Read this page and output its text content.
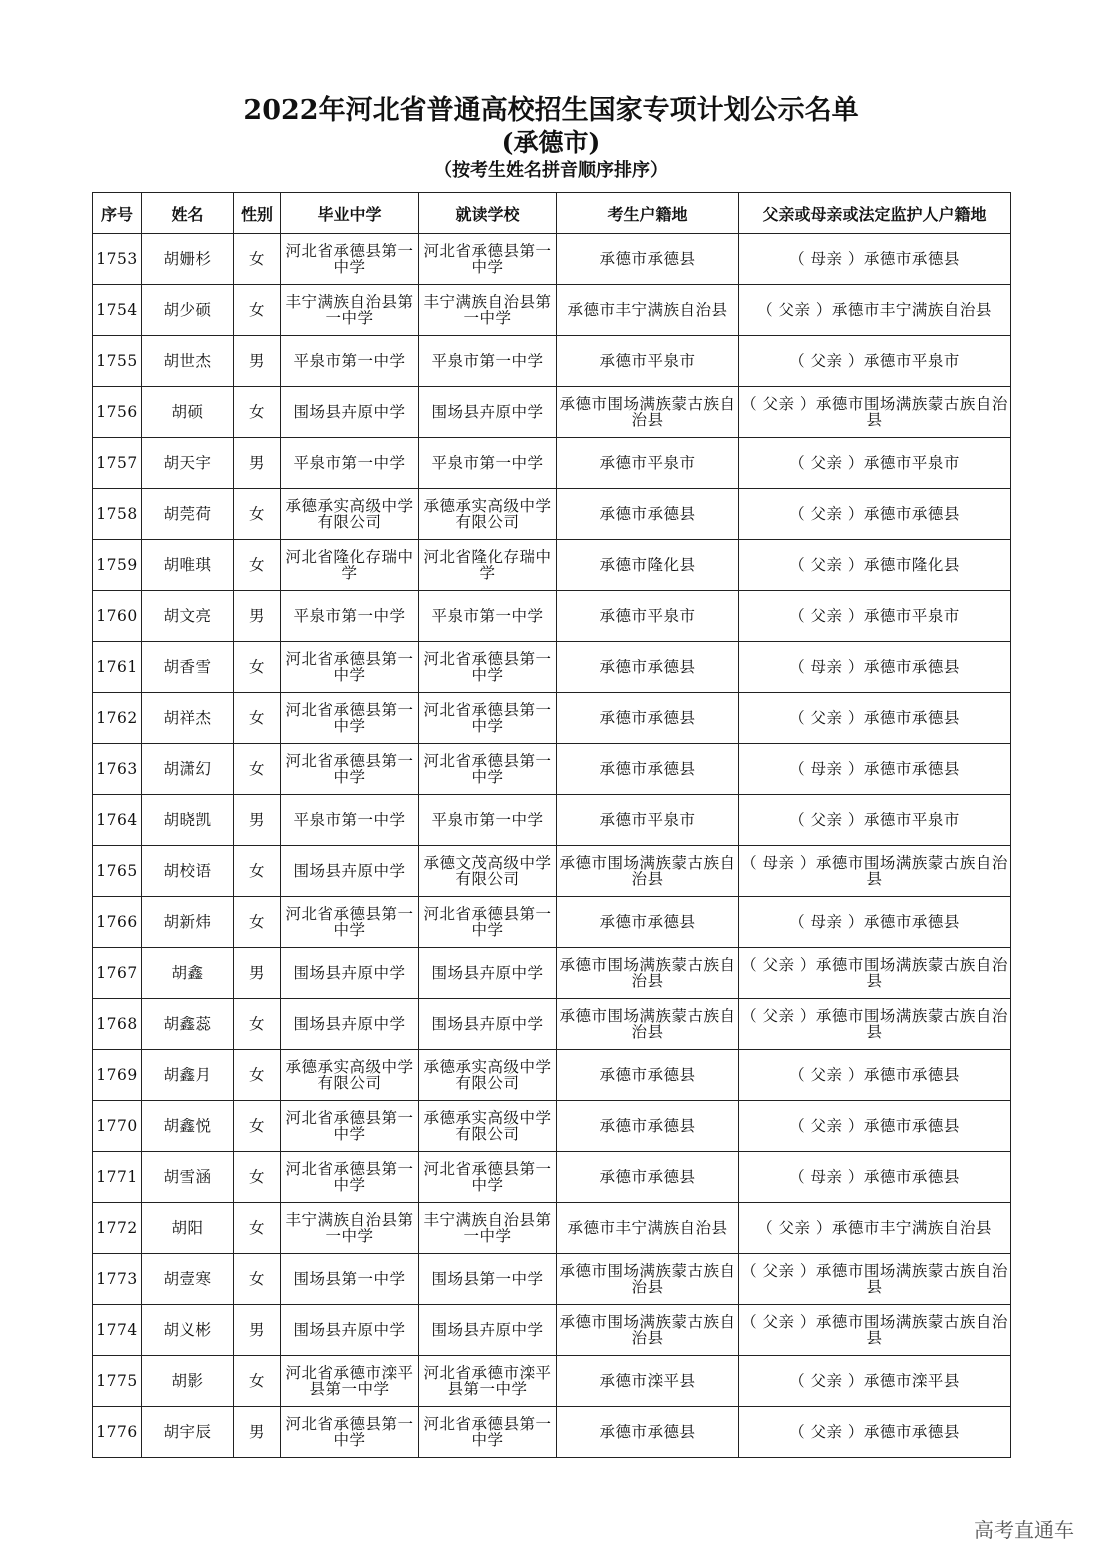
2022年河北省普通高校招生国家专项计划公示名单
(承德市)
（按考生姓名拼音顺序排序）
序号	姓名	性别	毕业中学	就读学校	考生户籍地	父亲或母亲或法定监护人户籍地
1753	胡姗杉	女	河北省承德县第一中学	河北省承德县第一中学	承德市承德县	（ 母亲 ）承德市承德县
1754	胡少硕	女	丰宁满族自治县第一中学	丰宁满族自治县第一中学	承德市丰宁满族自治县	（ 父亲 ）承德市丰宁满族自治县
1755	胡世杰	男	平泉市第一中学	平泉市第一中学	承德市平泉市	（ 父亲 ）承德市平泉市
1756	胡硕	女	围场县卉原中学	围场县卉原中学	承德市围场满族蒙古族自治县	（ 父亲 ）承德市围场满族蒙古族自治县
1757	胡天宇	男	平泉市第一中学	平泉市第一中学	承德市平泉市	（ 父亲 ）承德市平泉市
1758	胡莞荷	女	承德承实高级中学有限公司	承德承实高级中学有限公司	承德市承德县	（ 父亲 ）承德市承德县
1759	胡唯琪	女	河北省隆化存瑞中学	河北省隆化存瑞中学	承德市隆化县	（ 父亲 ）承德市隆化县
1760	胡文亮	男	平泉市第一中学	平泉市第一中学	承德市平泉市	（ 父亲 ）承德市平泉市
1761	胡香雪	女	河北省承德县第一中学	河北省承德县第一中学	承德市承德县	（ 母亲 ）承德市承德县
1762	胡祥杰	女	河北省承德县第一中学	河北省承德县第一中学	承德市承德县	（ 父亲 ）承德市承德县
1763	胡潇幻	女	河北省承德县第一中学	河北省承德县第一中学	承德市承德县	（ 母亲 ）承德市承德县
1764	胡晓凯	男	平泉市第一中学	平泉市第一中学	承德市平泉市	（ 父亲 ）承德市平泉市
1765	胡校语	女	围场县卉原中学	承德文茂高级中学有限公司	承德市围场满族蒙古族自治县	（ 母亲 ）承德市围场满族蒙古族自治县
1766	胡新炜	女	河北省承德县第一中学	河北省承德县第一中学	承德市承德县	（ 母亲 ）承德市承德县
1767	胡鑫	男	围场县卉原中学	围场县卉原中学	承德市围场满族蒙古族自治县	（ 父亲 ）承德市围场满族蒙古族自治县
1768	胡鑫蕊	女	围场县卉原中学	围场县卉原中学	承德市围场满族蒙古族自治县	（ 父亲 ）承德市围场满族蒙古族自治县
1769	胡鑫月	女	承德承实高级中学有限公司	承德承实高级中学有限公司	承德市承德县	（ 父亲 ）承德市承德县
1770	胡鑫悦	女	河北省承德县第一中学	承德承实高级中学有限公司	承德市承德县	（ 父亲 ）承德市承德县
1771	胡雪涵	女	河北省承德县第一中学	河北省承德县第一中学	承德市承德县	（ 母亲 ）承德市承德县
1772	胡阳	女	丰宁满族自治县第一中学	丰宁满族自治县第一中学	承德市丰宁满族自治县	（ 父亲 ）承德市丰宁满族自治县
1773	胡壹寒	女	围场县第一中学	围场县第一中学	承德市围场满族蒙古族自治县	（ 父亲 ）承德市围场满族蒙古族自治县
1774	胡义彬	男	围场县卉原中学	围场县卉原中学	承德市围场满族蒙古族自治县	（ 父亲 ）承德市围场满族蒙古族自治县
1775	胡影	女	河北省承德市滦平县第一中学	河北省承德市滦平县第一中学	承德市滦平县	（ 父亲 ）承德市滦平县
1776	胡宇辰	男	河北省承德县第一中学	河北省承德县第一中学	承德市承德县	（ 父亲 ）承德市承德县
高考直通车
